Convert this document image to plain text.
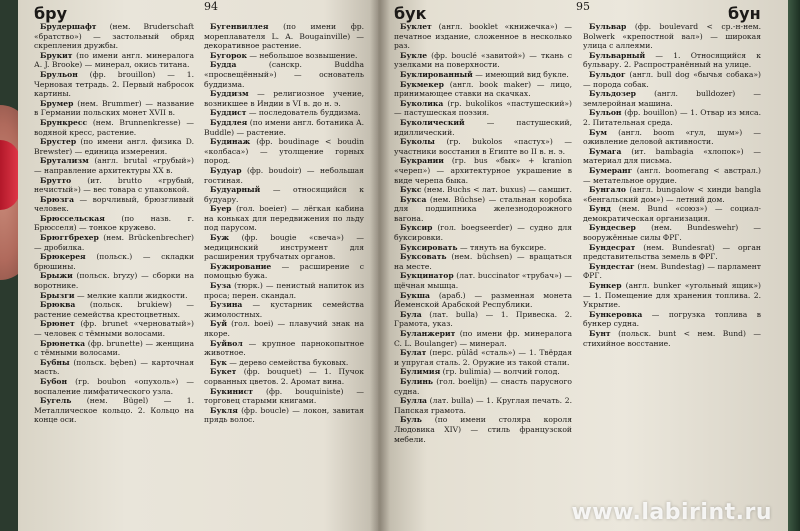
бру	94

Брудершафт (нем. Bruderschaft «братство») — застольный обряд скрепления дружбы.

Брукит (по имени англ. минералога А. J. Brooke) — минерал, окись титана.

Брульон (фр. brouillon) — 1. Черновая тетрадь. 2. Первый набросок картины.

Брумер (нем. Brummer) — название в Германии польских монет XVII в.

Брункресс (нем. Brunnenkresse) — водяной кресс, растение.

Брустер (по имени англ. физика D. Brewster) — единица измерения.

Брутализм (англ. brutal «грубый») — направление архитектуры XX в.

Брутто (ит. brutto «грубый, нечистый») — вес товара с упаковкой.

Брюзга — ворчливый, брюзгливый человек.

Брюссельская (по назв. г. Брюсселя) — тонкое кружево.

Брюггбрехер (нем. Brückenbrecher) — дробилка.

Брюкерея (польск.) — складки брюшины.

Брыжи (польск. bryzy) — сборки на воротнике.

Брызги — мелкие капли жидкости.

Брюква (польск. brukiew) — растение семейства крестоцветных.

Брюнет (фр. brunet «черноватый») — человек с тёмными волосами.

Брюнетка (фр. brunette) — женщина с тёмными волосами.

Бубны (польск. bęben) — карточная масть.

Бубон (гр. boubon «опухоль») — воспаление лимфатического узла.

Бугель (нем. Bügel) — 1. Металлическое кольцо. 2. Кольцо на конце оси.

Бугенвиллея (по имени фр. мореплавателя L. A. Bougainville) — декоративное растение.

Бугорок — небольшое возвышение.

Будда	(санскр. Buddha «просвещённый») — основатель буддизма.

Буддизм — религиозное учение, возникшее в Индии в VI в. до н. э.

Буддист — последователь буддизма.

Буддлея (по имени англ. ботаника A. Buddle) — растение.

Будинаж (фр. boudinage < boudin «колбаса») — утолщение горных пород.

Будуар (фр. boudoir) — небольшая гостиная.

Будуарный — относящийся к будуару.

Буер (гол. boeier) — лёгкая кабина на коньках для передвижения по льду под парусом.

Буж (фр. bougie «свеча») — медицинский инструмент для расширения трубчатых органов.

Бужирование — расширение с помощью бужа.

Буза (тюрк.) — пенистый напиток из проса; перен. скандал.

Бузина — кустарник семейства жимолостных.

Буй (гол. boei) — плавучий знак на якоре.

Буйвол — крупное парнокопытное животное.

Бук — дерево семейства буковых.

Букет (фр. bouquet) — 1. Пучок сорванных цветов. 2. Аромат вина.

Букинист (фр. bouquiniste) — торговец старыми книгами.

Букля (фр. boucle) — локон, завитая прядь волос.

бук	95	бун

Буклет (англ. booklet «книжечка») — печатное издание, сложенное в несколько раз.

Букле (фр. bouclé «завитой») — ткань с узелками на поверхности.

Буклированный — имеющий вид букле.

Букмекер (англ. book maker) — лицо, принимающее ставки на скачках.

Буколика (гр. bukolikos «пастушеский») — пастушеская поэзия.

Буколический	— пастушеский, идиллический.

Буколы (гр. bukolos «пастух») — участники восстания в Египте во II в. н. э.

Букрании (гр. bus «бык» + kranion «череп») — архитектурное украшение в виде черепа быка.

Букс (нем. Buchs < лат. buxus) — самшит.

Букса (нем. Büchse) — стальная коробка для подшипника железнодорожного вагона.

Буксир (гол. boegseerder) — судно для буксировки.

Буксировать — тянуть на буксире.

Буксовать (нем. büchsen) — вращаться на месте.

Букцинатор (лат. buccinator «трубач») — щёчная мышца.

Букша (араб.) — разменная монета Йеменской Арабской Республики.

Була (лат. bulla) — 1. Привеска. 2. Грамота, указ.

Буланжерит (по имени фр. минералога C. L. Boulanger) — минерал.

Булат (перс. pûlâd «сталь») — 1. Твёрдая и упругая сталь. 2. Оружие из такой стали.

Булимия (гр. bulimia) — волчий голод.

Булинь (гол. boelijn) — снасть парусного судна.

Булла (лат. bulla) — 1. Круглая печать. 2. Папская грамота.

Буль (по имени столяра короля Людовика XIV) — стиль французской мебели.

Бульвар (фр. boulevard < ср.-н-нем. Bolwerk «крепостной вал») — широкая улица с аллеями.

Бульварный — 1. Относящийся к бульвару. 2. Распространённый на улице.

Бульдог (англ. bull dog «бычья собака») — порода собак.

Бульдозер (англ. bulldozer) — землеройная машина.

Бульон (фр. bouillon) — 1. Отвар из мяса. 2. Питательная среда.

Бум (англ. boom «гул, шум») — оживление деловой активности.

Бумага (ит. bambagia «хлопок») — материал для письма.

Бумеранг (англ. boomerang < австрал.) — метательное орудие.

Бунгало (англ. bungalow < хинди bangla «бенгальский дом») — летний дом.

Бунд (нем. Bund «союз») — социал-демократическая организация.

Бундесвер (нем. Bundeswehr) — вооружённые силы ФРГ.

Бундесрат (нем. Bundesrat) — орган представительства земель в ФРГ.

Бундестаг (нем. Bundestag) — парламент ФРГ.

Бункер (англ. bunker «угольный ящик») — 1. Помещение для хранения топлива. 2. Укрытие.

Бункеровка — погрузка топлива в бункер судна.

Бунт (польск. bunt < нем. Bund) — стихийное восстание.

www.labirint.ru
